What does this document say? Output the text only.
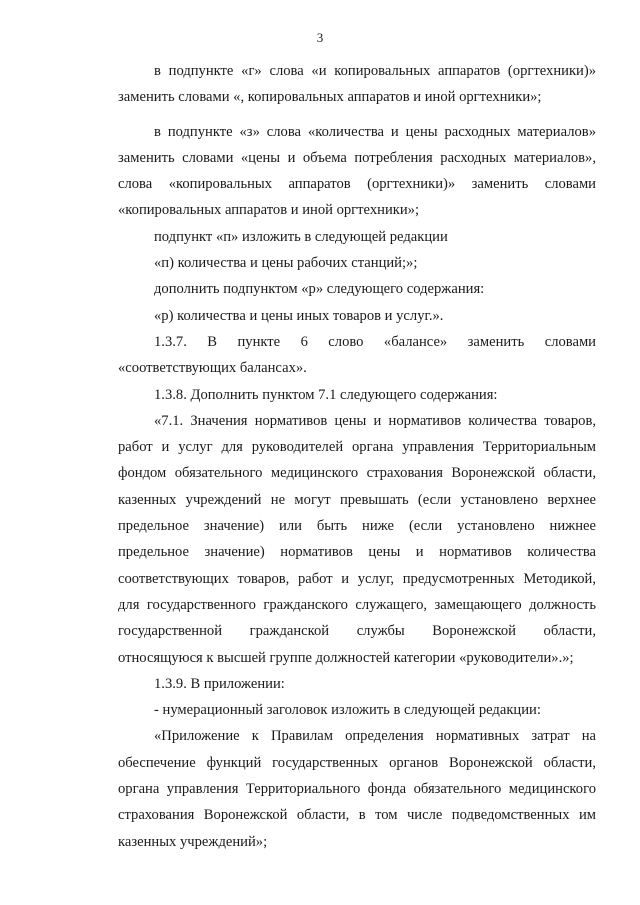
3

в подпункте «г» слова «и копировальных аппаратов (оргтехники)»
заменить словами «, копировальных аппаратов и иной оргтехники»;

в подпункте «з» слова «количества и цены расходных материалов»
заменить словами «цены и объема потребления расходных материалов»,
слова «копировальных аппаратов (оргтехники)» заменить словами
«копировальных аппаратов и иной оргтехники»;

подпункт «п» изложить в следующей редакции

«п) количества и цены рабочих станций;»;

дополнить подпунктом «р» следующего содержания:

«р) количества и цены иных товаров и услуг.».

1.3.7. В пункте 6 слово «балансе» заменить словами
«соответствующих балансах».

1.3.8. Дополнить пунктом 7.1 следующего содержания:

«7.1. Значения нормативов цены и нормативов количества товаров,
работ и услуг для руководителей органа управления Территориальным
фондом обязательного медицинского страхования Воронежской области,
казенных учреждений не могут превышать (если установлено верхнее
предельное значение) или быть ниже (если установлено нижнее
предельное значение) нормативов цены и нормативов количества
соответствующих товаров, работ и услуг, предусмотренных Методикой,
для государственного гражданского служащего, замещающего должность
государственной гражданской службы Воронежской области,
относящуюся к высшей группе должностей категории «руководители».»;

1.3.9. В приложении:

- нумерационный заголовок изложить в следующей редакции:

«Приложение к Правилам определения нормативных затрат на
обеспечение функций государственных органов Воронежской области,
органа управления Территориального фонда обязательного медицинского
страхования Воронежской области, в том числе подведомственных им
казенных учреждений»;
